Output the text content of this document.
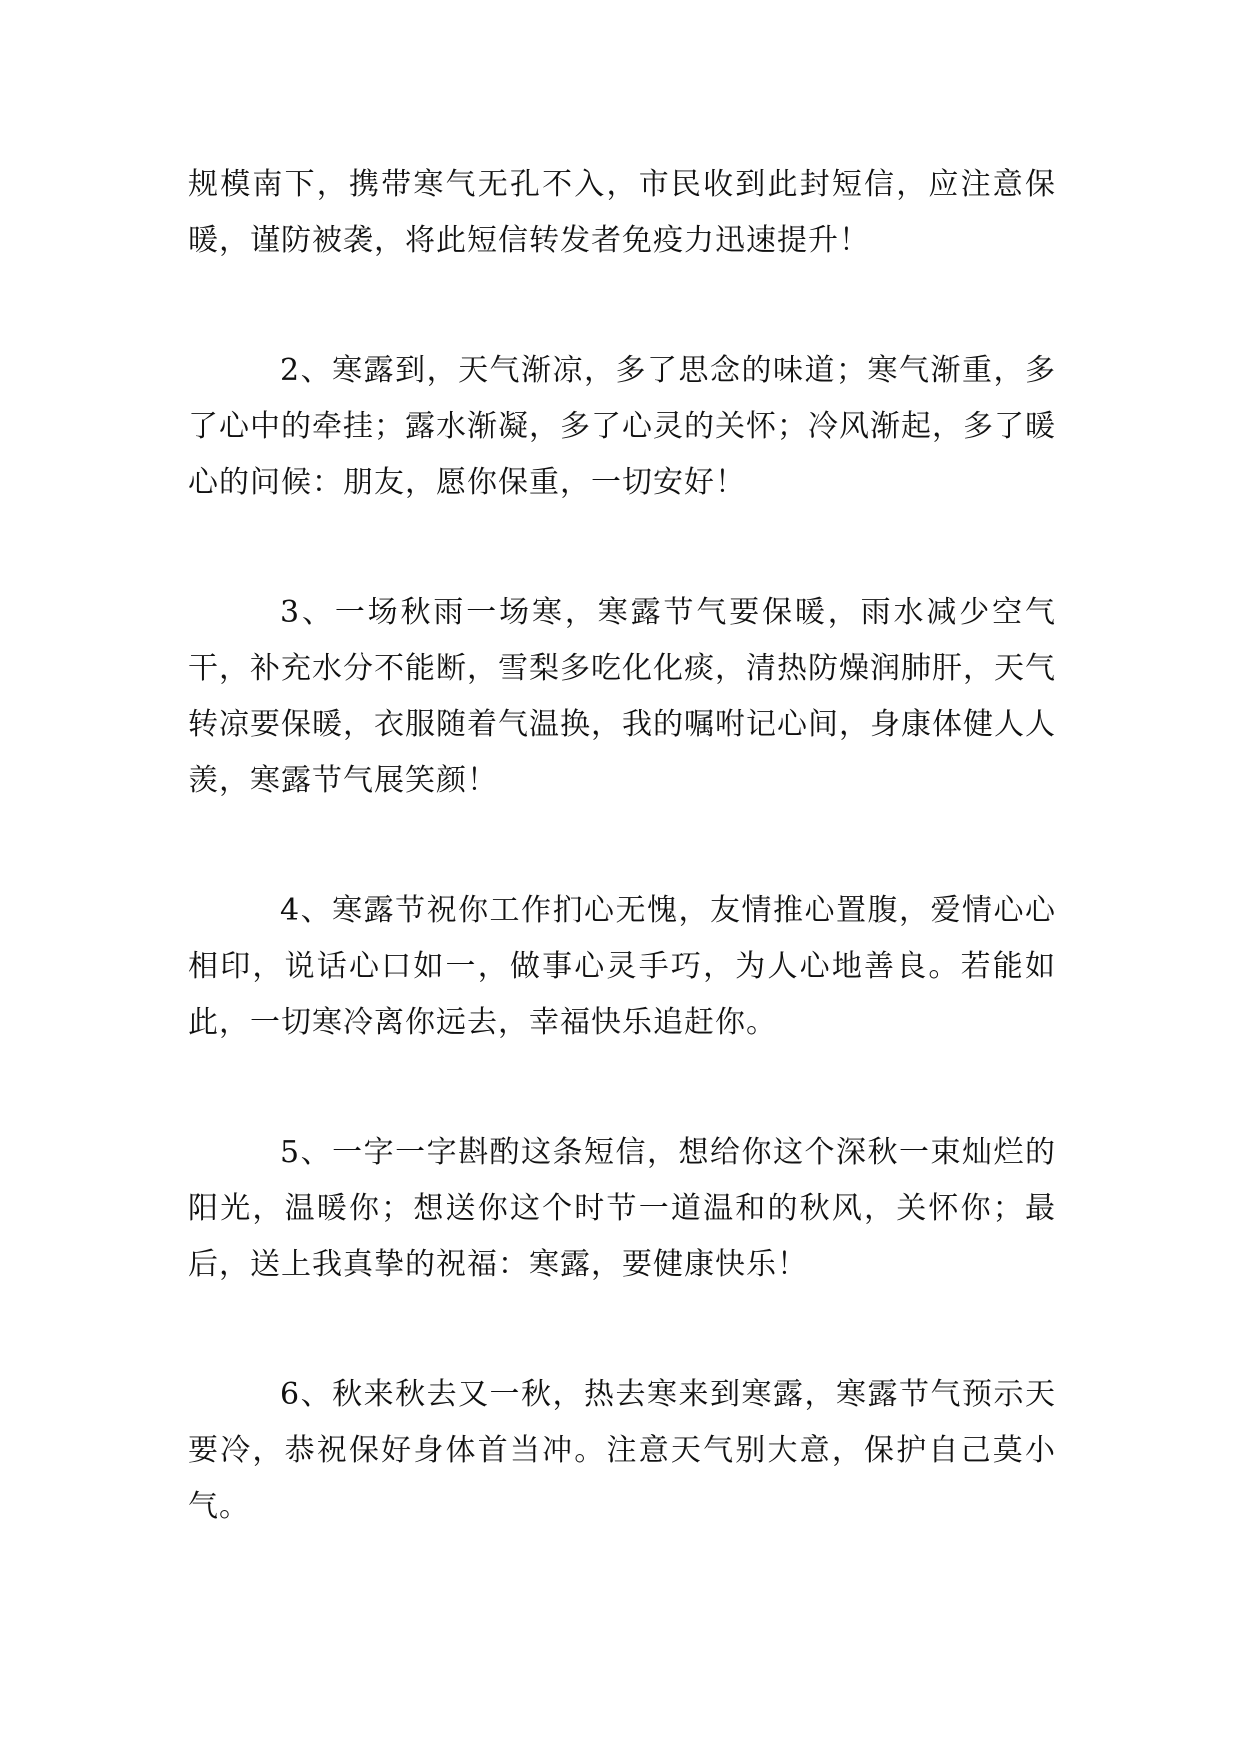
规模南下，携带寒气无孔不入，市民收到此封短信，应注意保暖，谨防被袭，将此短信转发者免疫力迅速提升！

2、寒露到，天气渐凉，多了思念的味道；寒气渐重，多了心中的牵挂；露水渐凝，多了心灵的关怀；冷风渐起，多了暖心的问候：朋友，愿你保重，一切安好！

3、一场秋雨一场寒，寒露节气要保暖，雨水减少空气干，补充水分不能断，雪梨多吃化化痰，清热防燥润肺肝，天气转凉要保暖，衣服随着气温换，我的嘱咐记心间，身康体健人人羡，寒露节气展笑颜！

4、寒露节祝你工作扪心无愧，友情推心置腹，爱情心心相印，说话心口如一，做事心灵手巧，为人心地善良。若能如此，一切寒冷离你远去，幸福快乐追赶你。

5、一字一字斟酌这条短信，想给你这个深秋一束灿烂的阳光，温暖你；想送你这个时节一道温和的秋风，关怀你；最后，送上我真挚的祝福：寒露，要健康快乐！

6、秋来秋去又一秋，热去寒来到寒露，寒露节气预示天要冷，恭祝保好身体首当冲。注意天气别大意，保护自己莫小气。
